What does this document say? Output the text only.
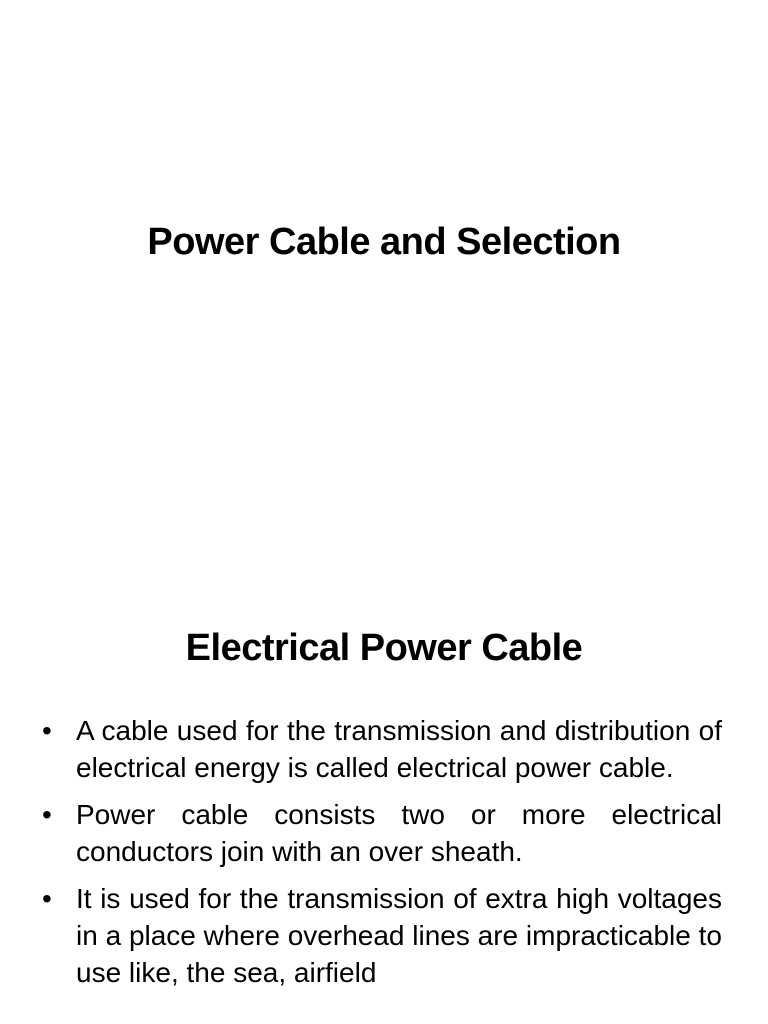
Power Cable and Selection
Electrical Power Cable
• A cable used for the transmission and distribution of electrical energy is called electrical power cable.
• Power cable consists two or more electrical conductors join with an over sheath.
• It is used for the transmission of extra high voltages in a place where overhead lines are impracticable to use like, the sea, airfield
